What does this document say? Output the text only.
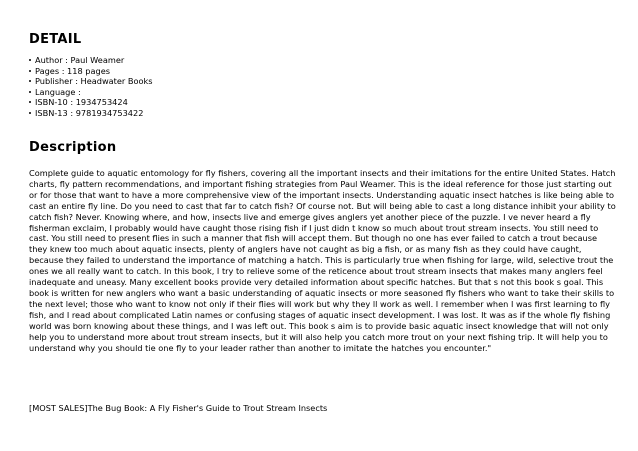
DETAIL
Author : Paul Weamer
Pages : 118 pages
Publisher : Headwater Books
Language :
ISBN-10 : 1934753424
ISBN-13 : 9781934753422
Description

Complete guide to aquatic entomology for fly fishers, covering all the important insects and their imitations for the entire United States. Hatch charts, fly pattern recommendations, and important fishing strategies from Paul Weamer. This is the ideal reference for those just starting out or for those that want to have a more comprehensive view of the important insects. Understanding aquatic insect hatches is like being able to cast an entire fly line. Do you need to cast that far to catch fish? Of course not. But will being able to cast a long distance inhibit your ability to catch fish? Never. Knowing where, and how, insects live and emerge gives anglers yet another piece of the puzzle. I ve never heard a fly fisherman exclaim, I probably would have caught those rising fish if I just didn t know so much about trout stream insects. You still need to cast. You still need to present flies in such a manner that fish will accept them. But though no one has ever failed to catch a trout because they knew too much about aquatic insects, plenty of anglers have not caught as big a fish, or as many fish as they could have caught, because they failed to understand the importance of matching a hatch. This is particularly true when fishing for large, wild, selective trout the ones we all really want to catch. In this book, I try to relieve some of the reticence about trout stream insects that makes many anglers feel inadequate and uneasy. Many excellent books provide very detailed information about specific hatches. But that s not this book s goal. This book is written for new anglers who want a basic understanding of aquatic insects or more seasoned fly fishers who want to take their skills to the next level; those who want to know not only if their flies will work but why they ll work as well. I remember when I was first learning to fly fish, and I read about complicated Latin names or confusing stages of aquatic insect development. I was lost. It was as if the whole fly fishing world was born knowing about these things, and I was left out. This book s aim is to provide basic aquatic insect knowledge that will not only help you to understand more about trout stream insects, but it will also help you catch more trout on your next fishing trip. It will help you to understand why you should tie one fly to your leader rather than another to imitate the hatches you encounter."

[MOST SALES]The Bug Book: A Fly Fisher's Guide to Trout Stream Insects
